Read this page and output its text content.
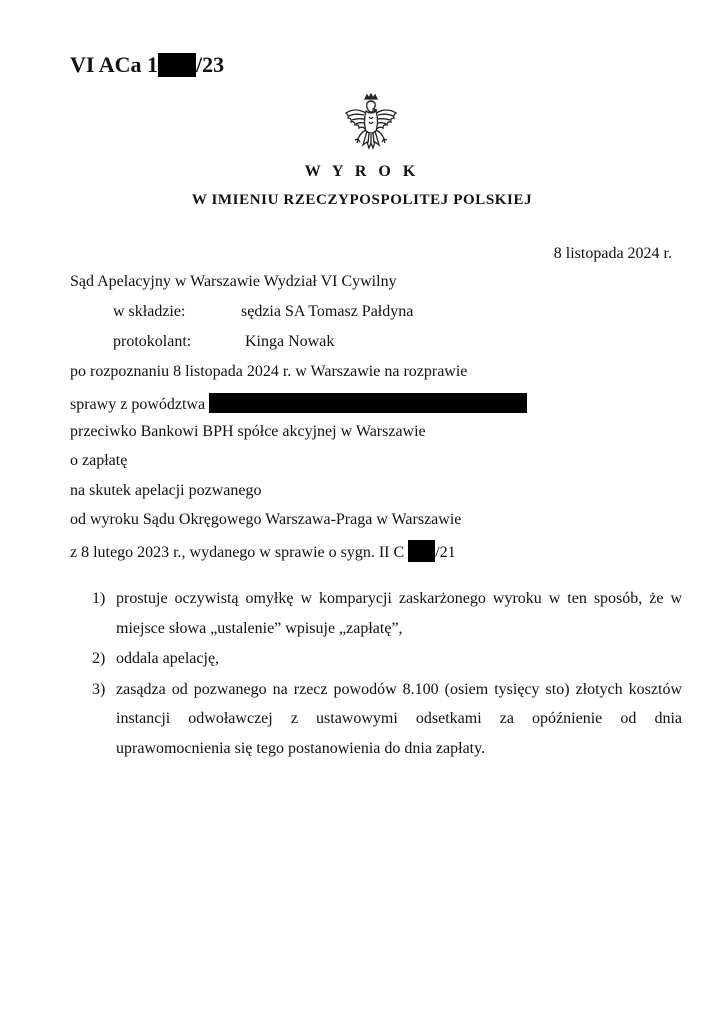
VI ACa 1 /23
W Y R O K
W IMIENIU RZECZYPOSPOLITEJ POLSKIEJ
8 listopada 2024 r.
Sąd Apelacyjny w Warszawie Wydział VI Cywilny
w składzie:	sędzia SA Tomasz Pałdyna
protokolant:	Kinga Nowak
po rozpoznaniu 8 listopada 2024 r. w Warszawie na rozprawie
sprawy z powództwa
przeciwko Bankowi BPH spółce akcyjnej w Warszawie
o zapłatę
na skutek apelacji pozwanego
od wyroku Sądu Okręgowego Warszawa-Praga w Warszawie
z 8 lutego 2023 r., wydanego w sprawie o sygn. II C /21
1) prostuje oczywistą omyłkę w komparycji zaskarżonego wyroku w ten sposób, że w miejsce słowa „ustalenie” wpisuje „zapłatę”,
2) oddala apelację,
3) zasądza od pozwanego na rzecz powodów 8.100 (osiem tysięcy sto) złotych kosztów instancji odwoławczej z ustawowymi odsetkami za opóźnienie od dnia uprawomocnienia się tego postanowienia do dnia zapłaty.
